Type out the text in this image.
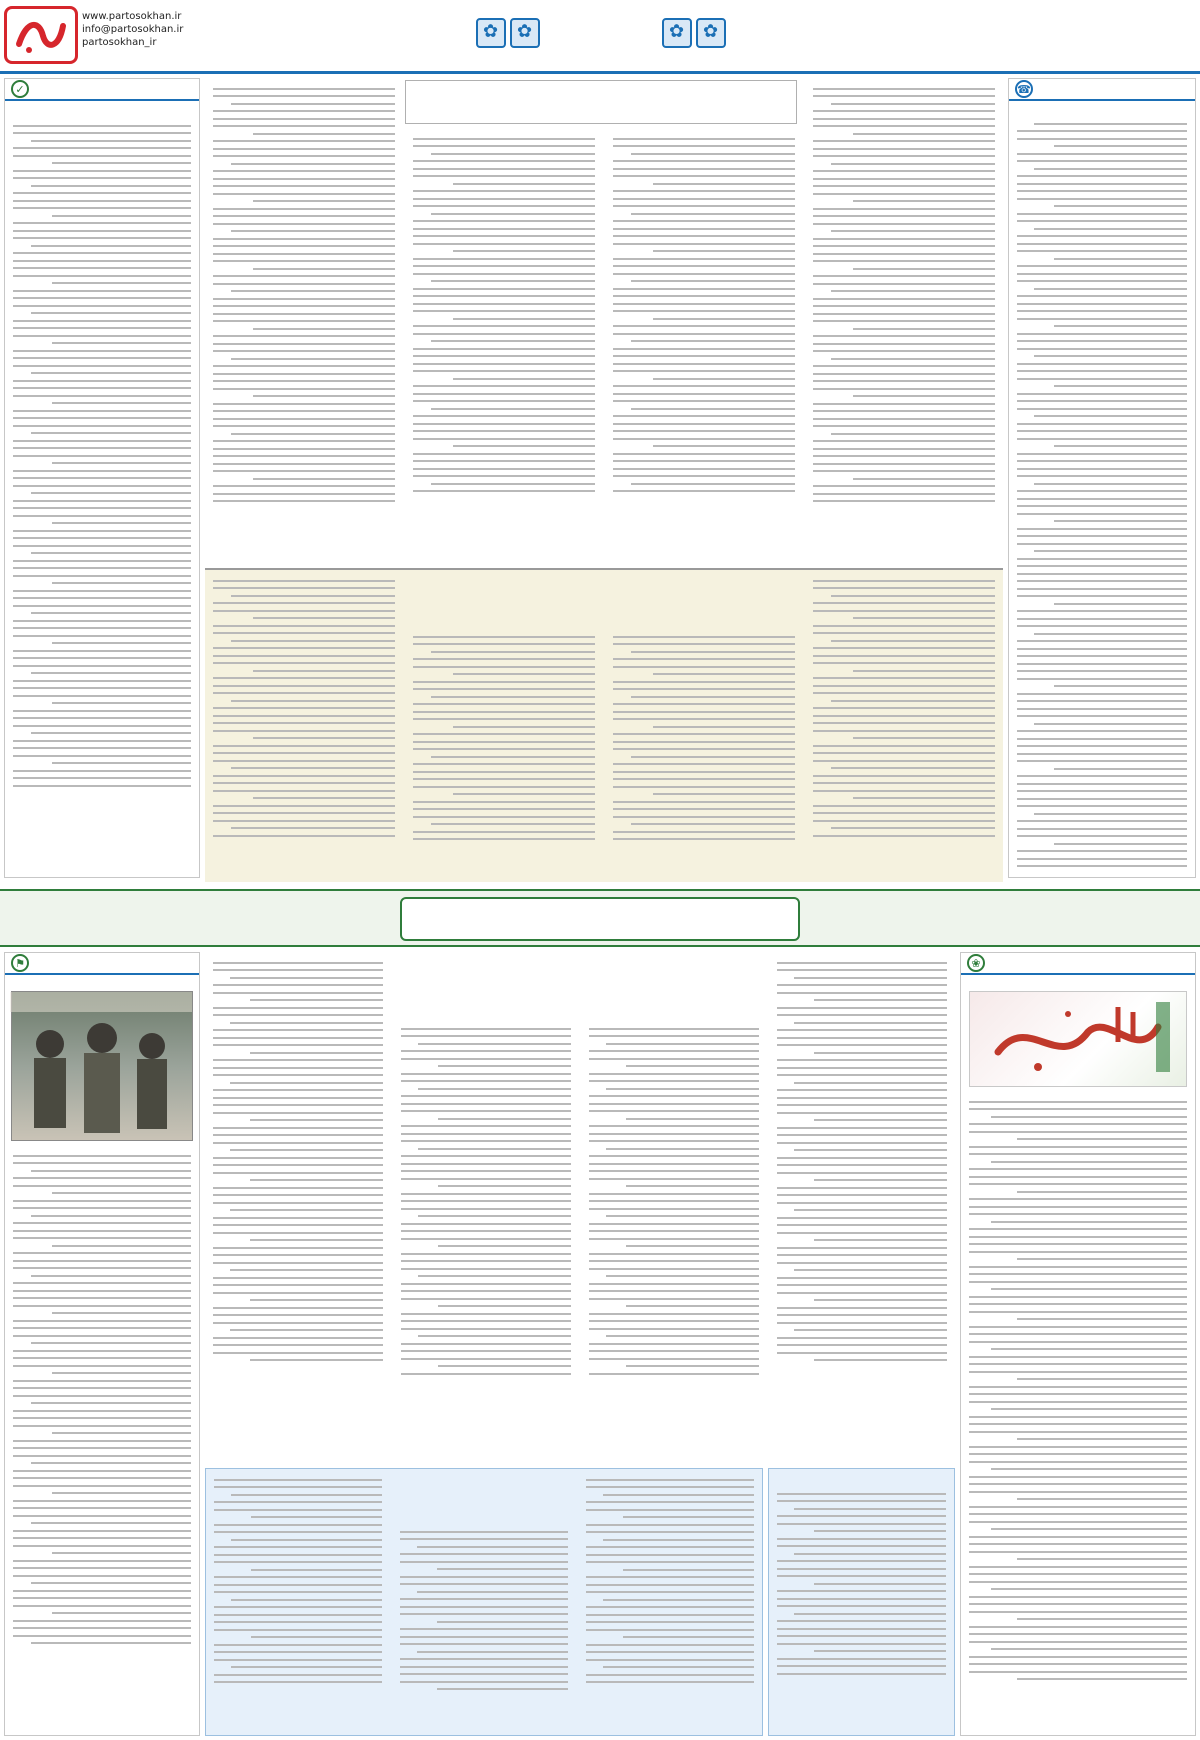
✿
✿
✿
✿
www.partosokhan.ir
info@partosokhan.ir
partosokhan_ir
☎
✓
❀
⚑
